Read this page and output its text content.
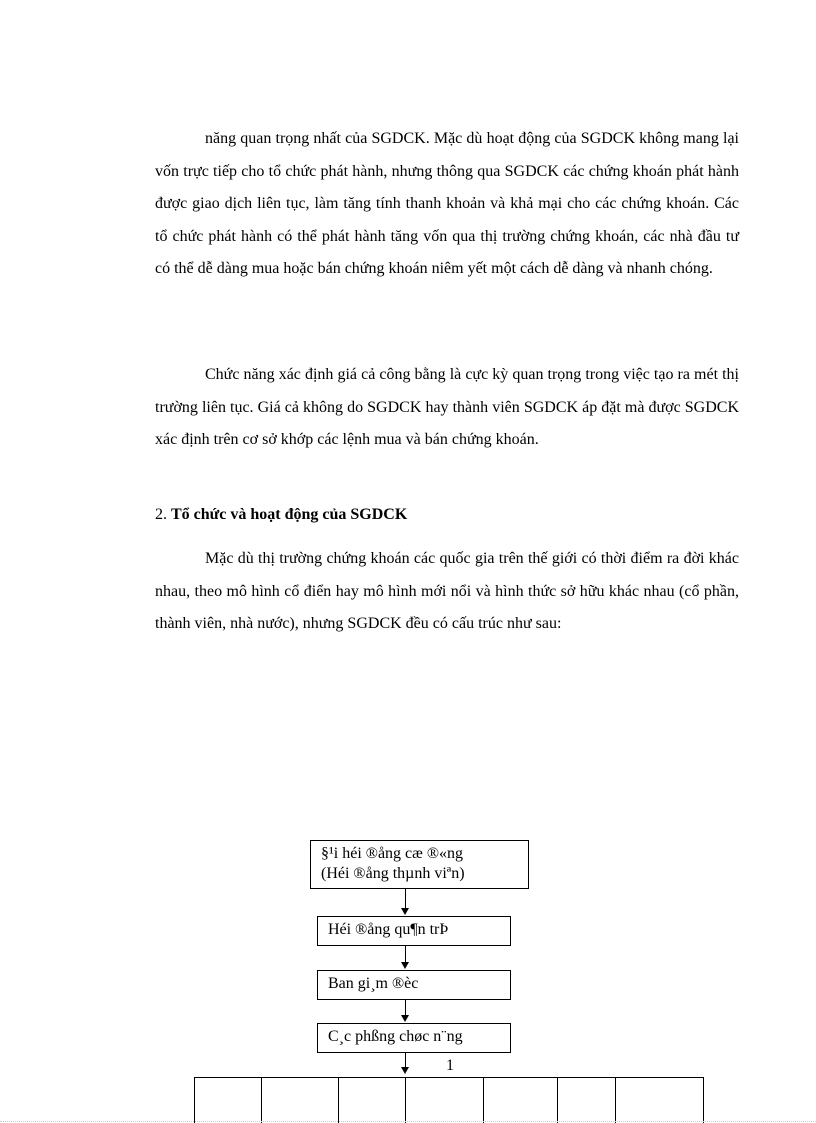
năng quan trọng nhất của SGDCK. Mặc dù hoạt động của SGDCK không mang lại vốn trực tiếp cho tổ chức phát hành, nhưng thông qua SGDCK các chứng khoán phát hành được giao dịch liên tục, làm tăng tính thanh khoản và khả mại cho các chứng khoán. Các tổ chức phát hành có thể phát hành tăng vốn qua thị trường chứng khoán, các nhà đầu tư có thể dễ dàng mua hoặc bán chứng khoán niêm yết một cách dễ dàng và nhanh chóng.

Chức năng xác định giá cả công bằng là cực kỳ quan trọng trong việc tạo ra mét thị trường liên tục. Giá cả không do SGDCK hay thành viên SGDCK áp đặt mà được SGDCK xác định trên cơ sở khớp các lệnh mua và bán chứng khoán.

2. Tổ chức và hoạt động của SGDCK

Mặc dù thị trường chứng khoán các quốc gia trên thế giới có thời điểm ra đời khác nhau, theo mô hình cổ điển hay mô hình mới nổi và hình thức sở hữu khác nhau (cổ phần, thành viên, nhà nước), nhưng SGDCK đều có cấu trúc như sau:

§¹i héi ®ång cæ ®«ng
(Héi ®ång thµnh viªn)
Héi ®ång qu¶n trÞ
Ban gi¸m ®èc
C¸c phßng chøc n¨ng
1
